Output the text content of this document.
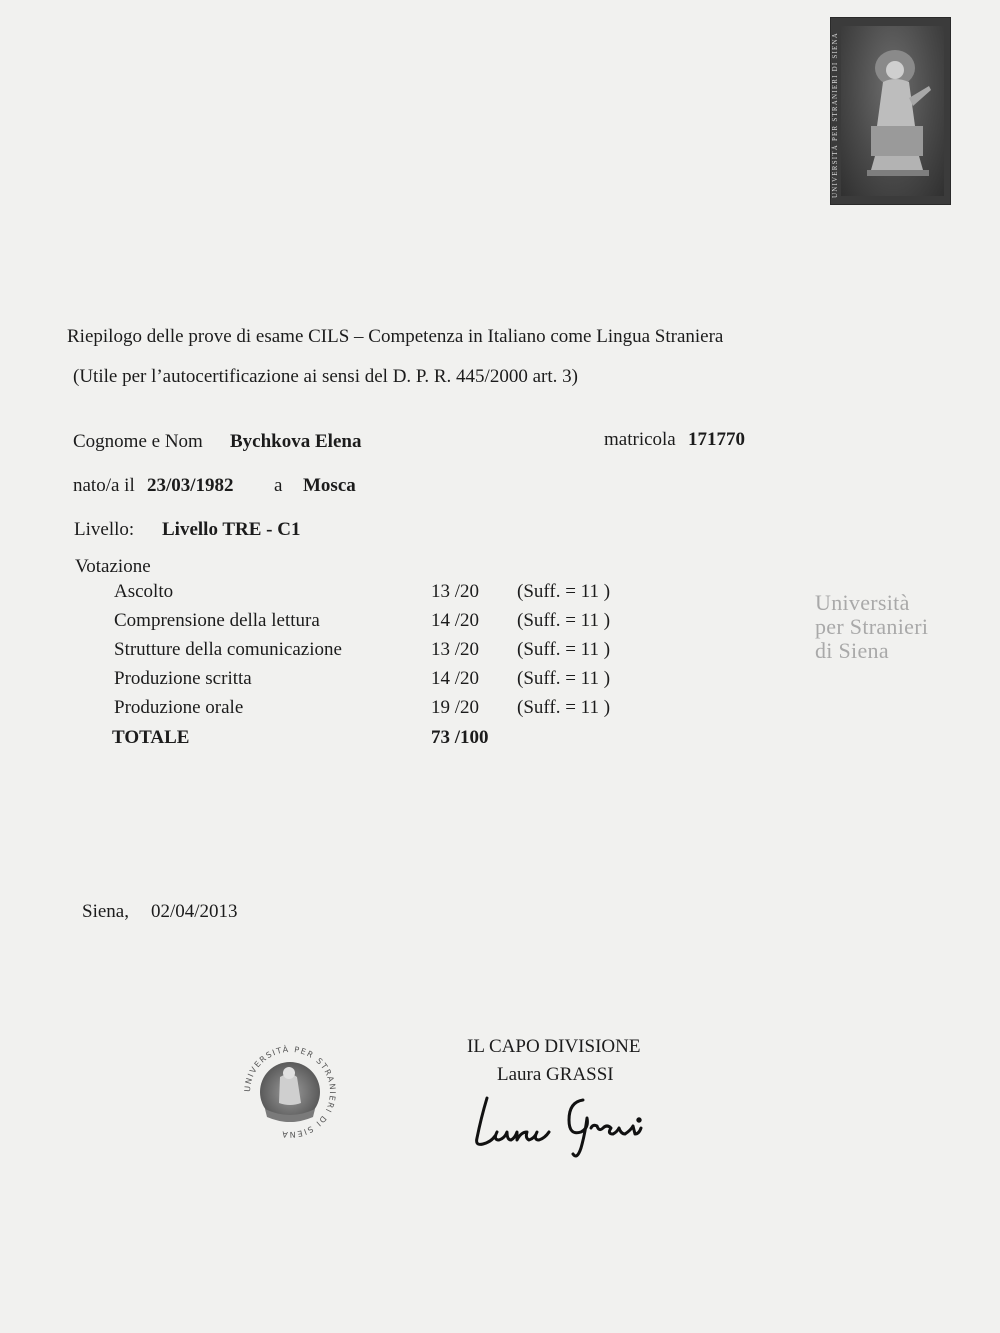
UNIVERSITÀ PER STRANIERI DI SIENA
Riepilogo delle prove di esame CILS – Competenza in Italiano come Lingua Straniera
(Utile per l’autocertificazione ai sensi del D. P. R. 445/2000 art. 3)
Cognome e Nom Bychkova Elena	matricola 171770
nato/a il 23/03/1982 a Mosca
Livello: Livello TRE - C1
Votazione
Ascolto	13 /20 (Suff. = 11 )
Comprensione della lettura	14 /20 (Suff. = 11 )
Strutture della comunicazione	13 /20 (Suff. = 11 )
Produzione scritta	14 /20 (Suff. = 11 )
Produzione orale	19 /20 (Suff. = 11 )
TOTALE	73 /100
Università
per Stranieri
di Siena
Siena, 02/04/2013
UNIVERSITÀ PER STRANIERI DI SIENA
IL CAPO DIVISIONE
Laura GRASSI
